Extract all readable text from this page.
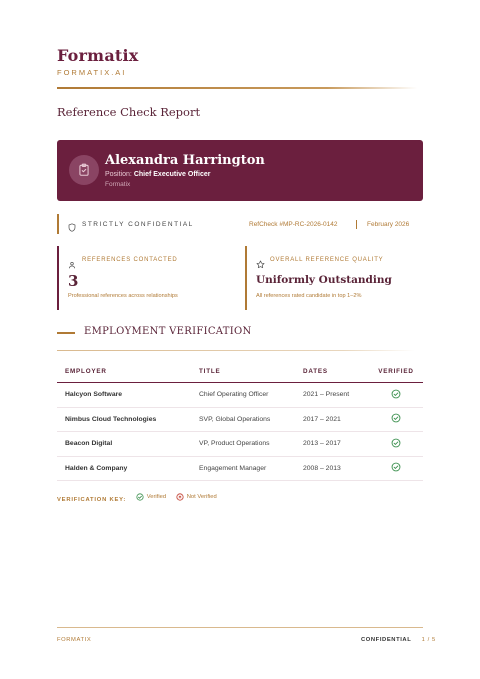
Formatix
FORMATIX.AI
Reference Check Report
Alexandra Harrington
Position: Chief Executive Officer
Formatix
STRICTLY CONFIDENTIAL	RefCheck #MP-RC-2026-0142	February 2026
REFERENCES CONTACTED
3
Professional references across relationships
OVERALL REFERENCE QUALITY
Uniformly Outstanding
All references rated candidate in top 1–2%
EMPLOYMENT VERIFICATION
EMPLOYER	TITLE	DATES	VERIFIED
Halcyon Software	Chief Operating Officer	2021 – Present	
Nimbus Cloud Technologies	SVP, Global Operations	2017 – 2021	
Beacon Digital	VP, Product Operations	2013 – 2017	
Halden & Company	Engagement Manager	2008 – 2013	
VERIFICATION KEY:	Verified
	Not Verified
FORMATIX	CONFIDENTIAL 1 / 5
